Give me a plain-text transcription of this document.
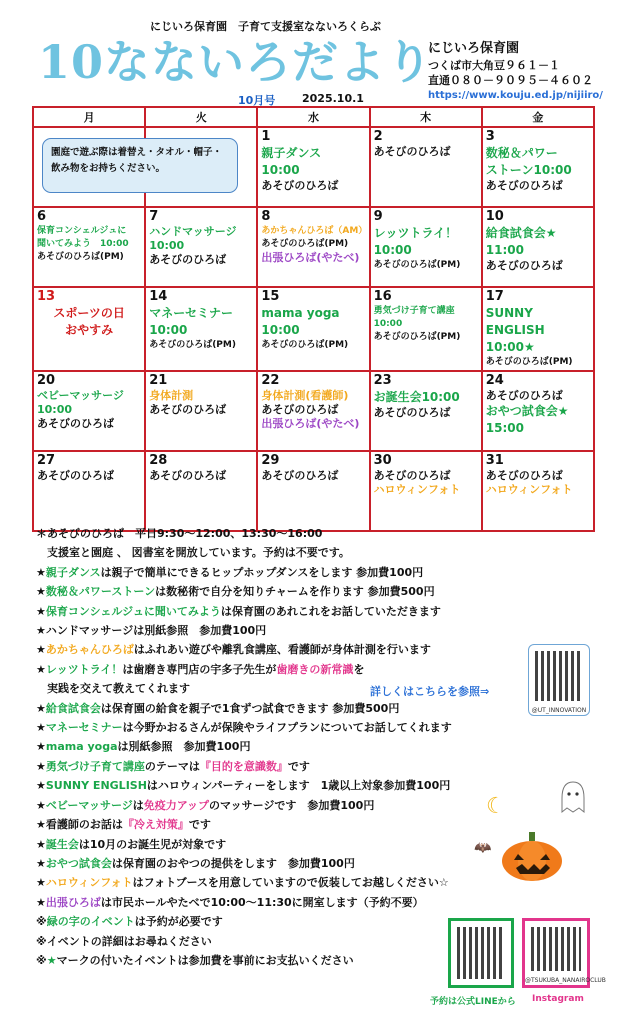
にじいろ保育園　子育て支援室なないろくらぶ
10なないろだより
10月号 2025.10.1
にじいろ保育園
つくば市大角豆９６１－１
直通０８０－９０９５－４６０２
https://www.kouju.ed.jp/nijiiro/
月	火	水	木	金

		1
親子ダンス
10:00
あそびのひろば	2
あそびのひろば	3
数秘＆パワー
ストーン10:00
あそびのひろば

6
保育コンシェルジュに
聞いてみよう　10:00
あそびのひろば(PM)	7
ハンドマッサージ
10:00
あそびのひろば	8
あかちゃんひろば（AM）
あそびのひろば(PM)
出張ひろば(やたべ)	9
レッツトライ！
10:00
あそびのひろば(PM)	10
給食試食会★
11:00
あそびのひろば

13
スポーツの日
おやすみ	14
マネーセミナー
10:00
あそびのひろば(PM)	15
mama yoga
10:00
あそびのひろば(PM)	16
勇気づけ子育て講座
10:00
あそびのひろば(PM)	17
SUNNY ENGLISH
10:00★
あそびのひろば(PM)

20
ベビーマッサージ
10:00
あそびのひろば	21
身体計測
あそびのひろば	22
身体計測(看護師)
あそびのひろば
出張ひろば(やたべ)	23
お誕生会10:00
あそびのひろば	24
あそびのひろば
おやつ試食会★
15:00

27
あそびのひろば	28
あそびのひろば	29
あそびのひろば	30
あそびのひろば
ハロウィンフォト	31
あそびのひろば
ハロウィンフォト
園庭で遊ぶ際は着替え・タオル・帽子・飲み物をお持ちください。
＊あそびのひろば　平日9:30～12:00、13:30～16:00
　支援室と園庭 、 図書室を開放しています。予約は不要です。
★親子ダンスは親子で簡単にできるヒップホップダンスをします 参加費100円
★数秘＆パワーストーンは数秘術で自分を知りチャームを作ります 参加費500円
★保育コンシェルジュに聞いてみようは保育園のあれこれをお話していただきます
★ハンドマッサージは別紙参照　参加費100円
★あかちゃんひろばはふれあい遊びや離乳食講座、看護師が身体計測を行います
★レッツトライ！は歯磨き専門店の宇多子先生が歯磨きの新常識を
　実践を交えて教えてくれます
★給食試食会は保育園の給食を親子で1食ずつ試食できます 参加費500円
★マネーセミナーは今野かおるさんが保険やライフプランについてお話してくれます
★mama yogaは別紙参照　参加費100円
★勇気づけ子育て講座のテーマは『目的を意識数』です
★SUNNY ENGLISHはハロウィンパーティーをします　1歳以上対象参加費100円
★ベビーマッサージは免疫力アップのマッサージです　参加費100円
★看護師のお話は『冷え対策』です
★誕生会は10月のお誕生児が対象です
★おやつ試食会は保育園のおやつの提供をします　参加費100円
★ハロウィンフォトはフォトブースを用意していますので仮装してお越しください☆
★出張ひろばは市民ホールやたべで10:00～11:30に開室します（予約不要）
※緑の字のイベントは予約が必要です
※イベントの詳細はお尋ねください
※★マークの付いたイベントは参加費を事前にお支払いください
詳しくはこちらを参照⇒
@UT_INNOVATION
@TSUKUBA_NANAIROCLUB
予約は公式LINEから Instagram
☾
🦇
